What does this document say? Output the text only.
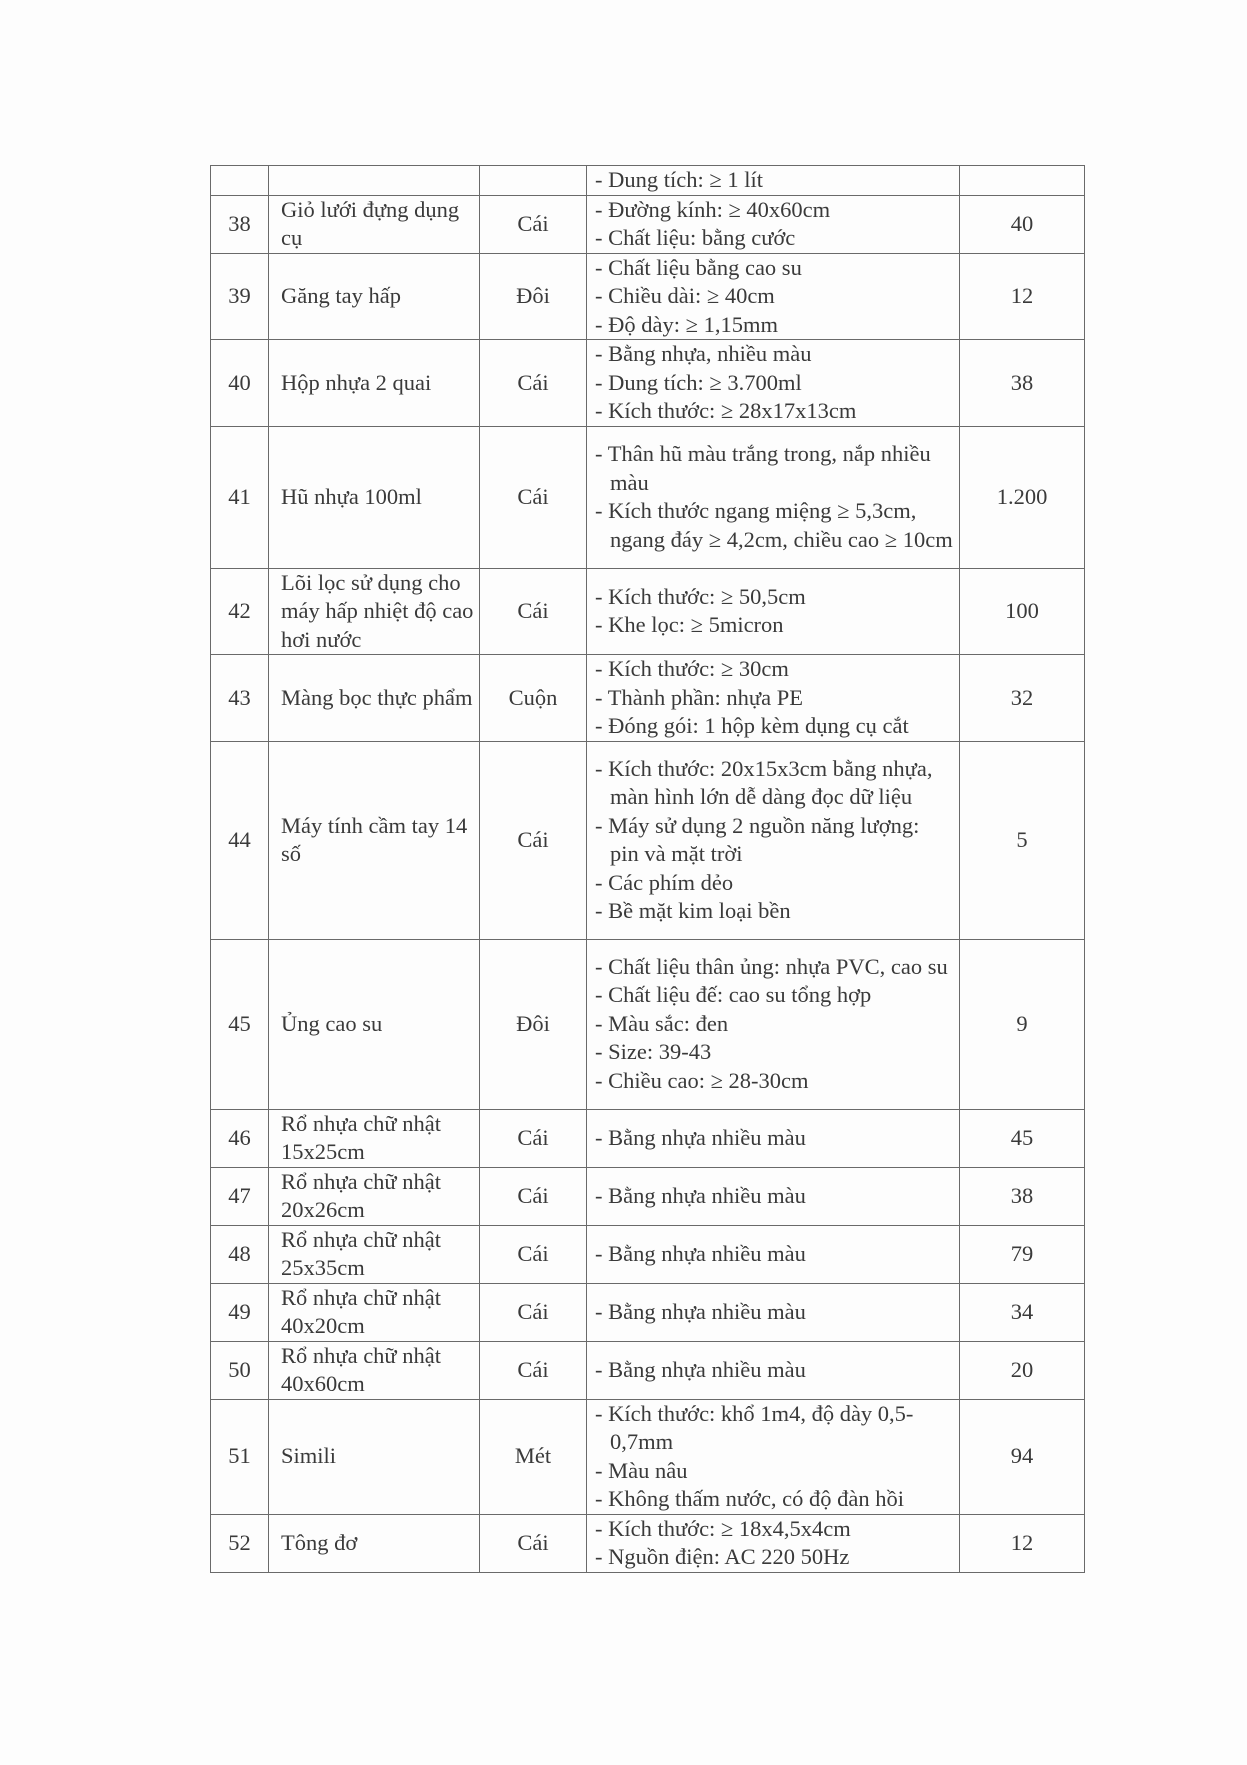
			- Dung tích: ≥ 1 lít	

38	Giỏ lưới đựng dụng cụ	Cái	- Đường kính: ≥ 40x60cm
- Chất liệu: bằng cước	40
39	Găng tay hấp	Đôi	- Chất liệu bằng cao su
- Chiều dài: ≥ 40cm
- Độ dày: ≥ 1,15mm	12
40	Hộp nhựa 2 quai	Cái	- Bằng nhựa, nhiều màu
- Dung tích: ≥ 3.700ml
- Kích thước: ≥ 28x17x13cm	38
41	Hũ nhựa 100ml	Cái	- Thân hũ màu trắng trong, nắp nhiều màu
- Kích thước ngang miệng ≥ 5,3cm, ngang đáy ≥ 4,2cm, chiều cao ≥ 10cm	1.200
42	Lõi lọc sử dụng cho máy hấp nhiệt độ cao hơi nước	Cái	- Kích thước: ≥ 50,5cm
- Khe lọc: ≥ 5micron	100
43	Màng bọc thực phẩm	Cuộn	- Kích thước: ≥ 30cm
- Thành phần: nhựa PE
- Đóng gói: 1 hộp kèm dụng cụ cắt	32
44	Máy tính cầm tay 14 số	Cái	- Kích thước: 20x15x3cm bằng nhựa, màn hình lớn dễ dàng đọc dữ liệu
- Máy sử dụng 2 nguồn năng lượng: pin và mặt trời
- Các phím dẻo
- Bề mặt kim loại bền	5
45	Ủng cao su	Đôi	- Chất liệu thân ủng: nhựa PVC, cao su
- Chất liệu đế: cao su tổng hợp
- Màu sắc: đen
- Size: 39-43
- Chiều cao: ≥ 28-30cm	9
46	Rổ nhựa chữ nhật 15x25cm	Cái	- Bằng nhựa nhiều màu	45
47	Rổ nhựa chữ nhật 20x26cm	Cái	- Bằng nhựa nhiều màu	38
48	Rổ nhựa chữ nhật 25x35cm	Cái	- Bằng nhựa nhiều màu	79
49	Rổ nhựa chữ nhật 40x20cm	Cái	- Bằng nhựa nhiều màu	34
50	Rổ nhựa chữ nhật 40x60cm	Cái	- Bằng nhựa nhiều màu	20
51	Simili	Mét	- Kích thước: khổ 1m4, độ dày 0,5-0,7mm
- Màu nâu
- Không thấm nước, có độ đàn hồi	94
52	Tông đơ	Cái	- Kích thước: ≥ 18x4,5x4cm
- Nguồn điện: AC 220 50Hz	12
